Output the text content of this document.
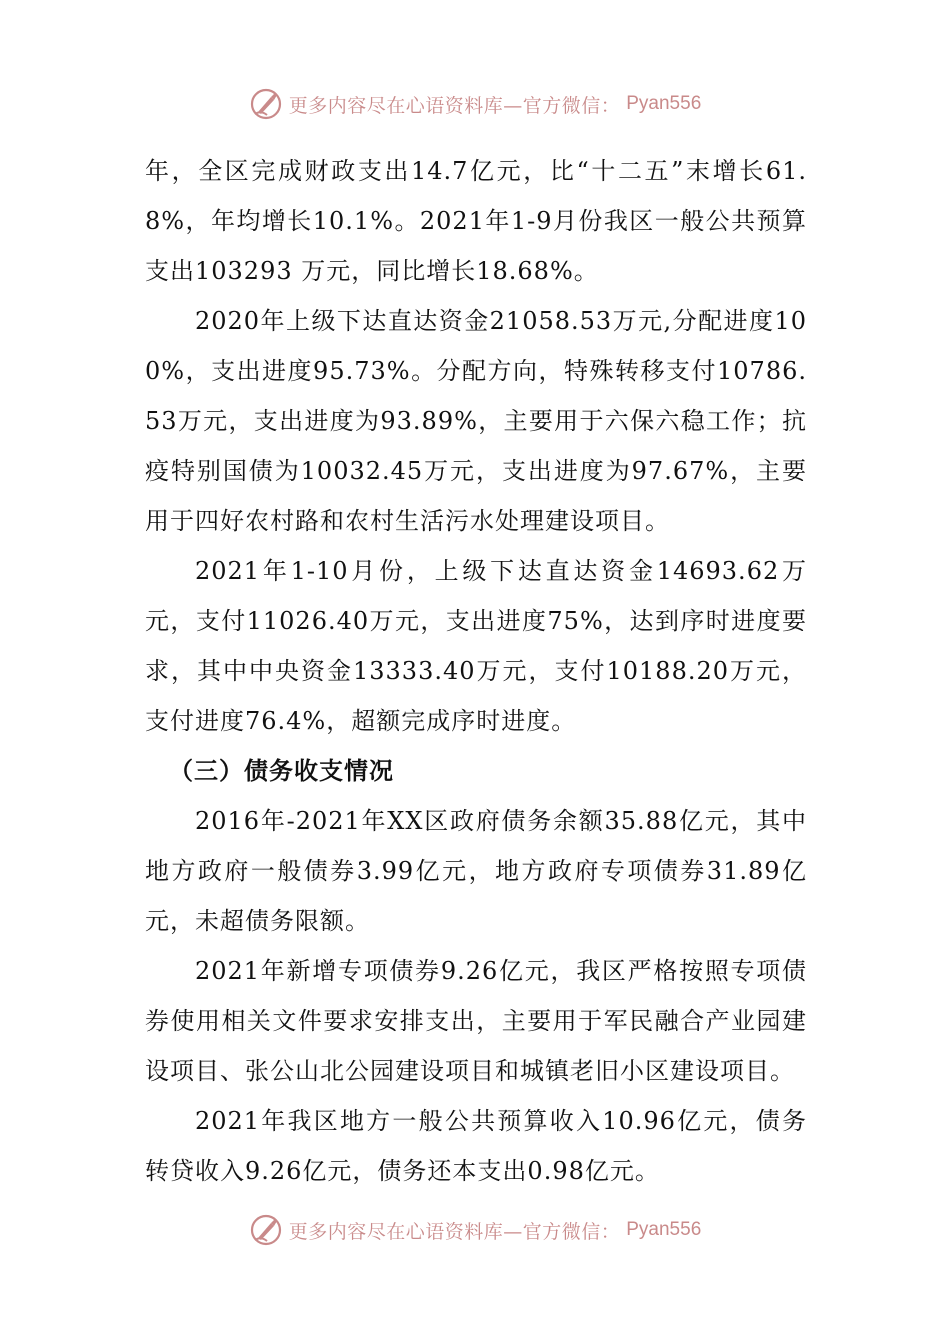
更多内容尽在心语资料库—官方微信： Pyan556

年，全区完成财政支出14.7亿元，比“十二五”末增长61.8%，年均增长10.1%。2021年1-9月份我区一般公共预算支出103293 万元，同比增长18.68%。

2020年上级下达直达资金21058.53万元,分配进度100%，支出进度95.73%。分配方向，特殊转移支付10786.53万元，支出进度为93.89%，主要用于六保六稳工作；抗疫特别国债为10032.45万元，支出进度为97.67%，主要用于四好农村路和农村生活污水处理建设项目。

2021年1-10月份，上级下达直达资金14693.62万元，支付11026.40万元，支出进度75%，达到序时进度要求，其中中央资金13333.40万元，支付10188.20万元，支付进度76.4%，超额完成序时进度。

（三）债务收支情况

2016年-2021年XX区政府债务余额35.88亿元，其中地方政府一般债券3.99亿元，地方政府专项债券31.89亿元，未超债务限额。

2021年新增专项债券9.26亿元，我区严格按照专项债券使用相关文件要求安排支出，主要用于军民融合产业园建设项目、张公山北公园建设项目和城镇老旧小区建设项目。

2021年我区地方一般公共预算收入10.96亿元，债务转贷收入9.26亿元，债务还本支出0.98亿元。

更多内容尽在心语资料库—官方微信： Pyan556
